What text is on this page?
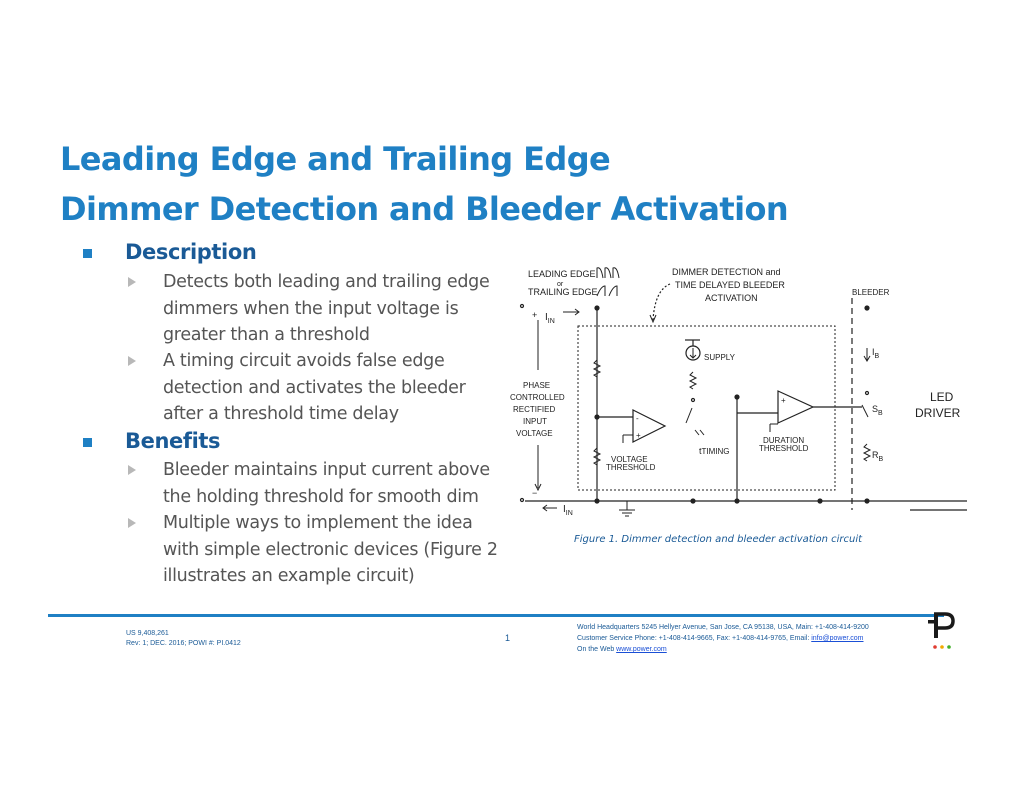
Leading Edge and Trailing Edge
Dimmer Detection and Bleeder Activation
Description
Detects both leading and trailing edge dimmers when the input voltage is greater than a threshold
A timing circuit avoids false edge detection and activates the bleeder after a threshold time delay
Benefits
Bleeder maintains input current above the holding threshold for smooth dim
Multiple ways to implement the idea with simple electronic devices (Figure 2 illustrates an example circuit)
LEADING EDGE
or
TRAILING EDGE
DIMMER DETECTION and
TIME DELAYED BLEEDER
ACTIVATION
BLEEDER
+ $I_{IN}$
PHASE
CONTROLLED
RECTIFIED
INPUT
VOLTAGE
−
$I_{IN}$
-
+
VOLTAGE
THRESHOLD
SUPPLY
tTIMING
+
DURATION
THRESHOLD
$I_B$
$S_B$
$R_B$
LED
DRIVER
Figure 1. Dimmer detection and bleeder activation circuit
US 9,408,261
Rev: 1; DEC. 2016; POWI #: PI.0412
1
World Headquarters 5245 Hellyer Avenue, San Jose, CA 95138, USA, Main: +1-408-414-9200
Customer Service Phone: +1-408-414-9665, Fax: +1-408-414-9765, Email: info@power.com
On the Web www.power.com
